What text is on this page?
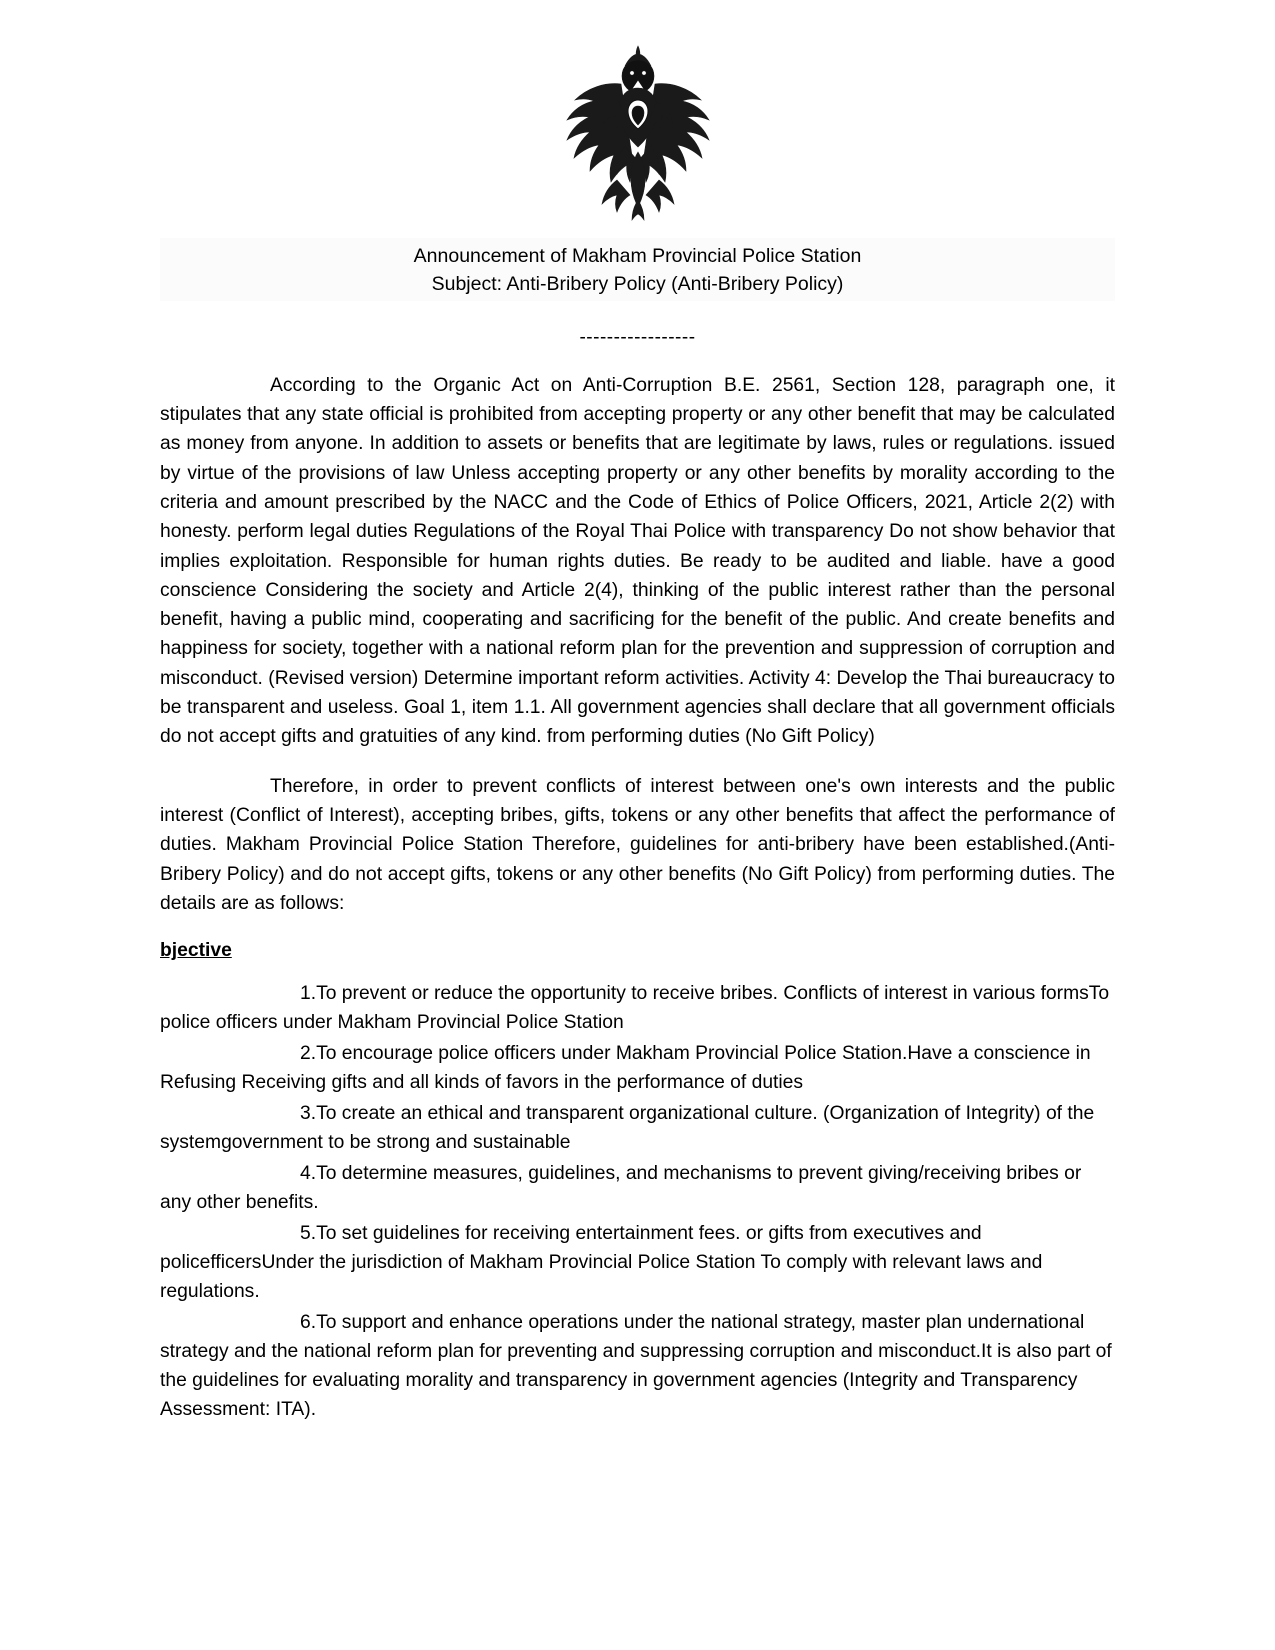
Announcement of Makham Provincial Police Station
Subject: Anti-Bribery Policy (Anti-Bribery Policy)
-----------------

According to the Organic Act on Anti-Corruption B.E. 2561, Section 128, paragraph one, it stipulates that any state official is prohibited from accepting property or any other benefit that may be calculated as money from anyone. In addition to assets or benefits that are legitimate by laws, rules or regulations. issued by virtue of the provisions of law Unless accepting property or any other benefits by morality according to the criteria and amount prescribed by the NACC and the Code of Ethics of Police Officers, 2021, Article 2(2) with honesty. perform legal duties Regulations of the Royal Thai Police with transparency Do not show behavior that implies exploitation. Responsible for human rights duties. Be ready to be audited and liable. have a good conscience Considering the society and Article 2(4), thinking of the public interest rather than the personal benefit, having a public mind, cooperating and sacrificing for the benefit of the public. And create benefits and happiness for society, together with a national reform plan for the prevention and suppression of corruption and misconduct. (Revised version) Determine important reform activities. Activity 4: Develop the Thai bureaucracy to be transparent and useless. Goal 1, item 1.1. All government agencies shall declare that all government officials do not accept gifts and gratuities of any kind. from performing duties (No Gift Policy)

Therefore, in order to prevent conflicts of interest between one's own interests and the public interest (Conflict of Interest), accepting bribes, gifts, tokens or any other benefits that affect the performance of duties. Makham Provincial Police Station Therefore, guidelines for anti-bribery have been established.(Anti-Bribery Policy) and do not accept gifts, tokens or any other benefits (No Gift Policy) from performing duties. The details are as follows:

bjective

1.To prevent or reduce the opportunity to receive bribes. Conflicts of interest in various formsTo police officers under Makham Provincial Police Station

2.To encourage police officers under Makham Provincial Police Station.Have a conscience in Refusing Receiving gifts and all kinds of favors in the performance of duties

3.To create an ethical and transparent organizational culture. (Organization of Integrity) of the systemgovernment to be strong and sustainable

4.To determine measures, guidelines, and mechanisms to prevent giving/receiving bribes or any other benefits.

5.To set guidelines for receiving entertainment fees. or gifts from executives and policefficersUnder the jurisdiction of Makham Provincial Police Station To comply with relevant laws and regulations.

6.To support and enhance operations under the national strategy, master plan undernational strategy and the national reform plan for preventing and suppressing corruption and misconduct.It is also part of the guidelines for evaluating morality and transparency in government agencies (Integrity and Transparency Assessment: ITA).
